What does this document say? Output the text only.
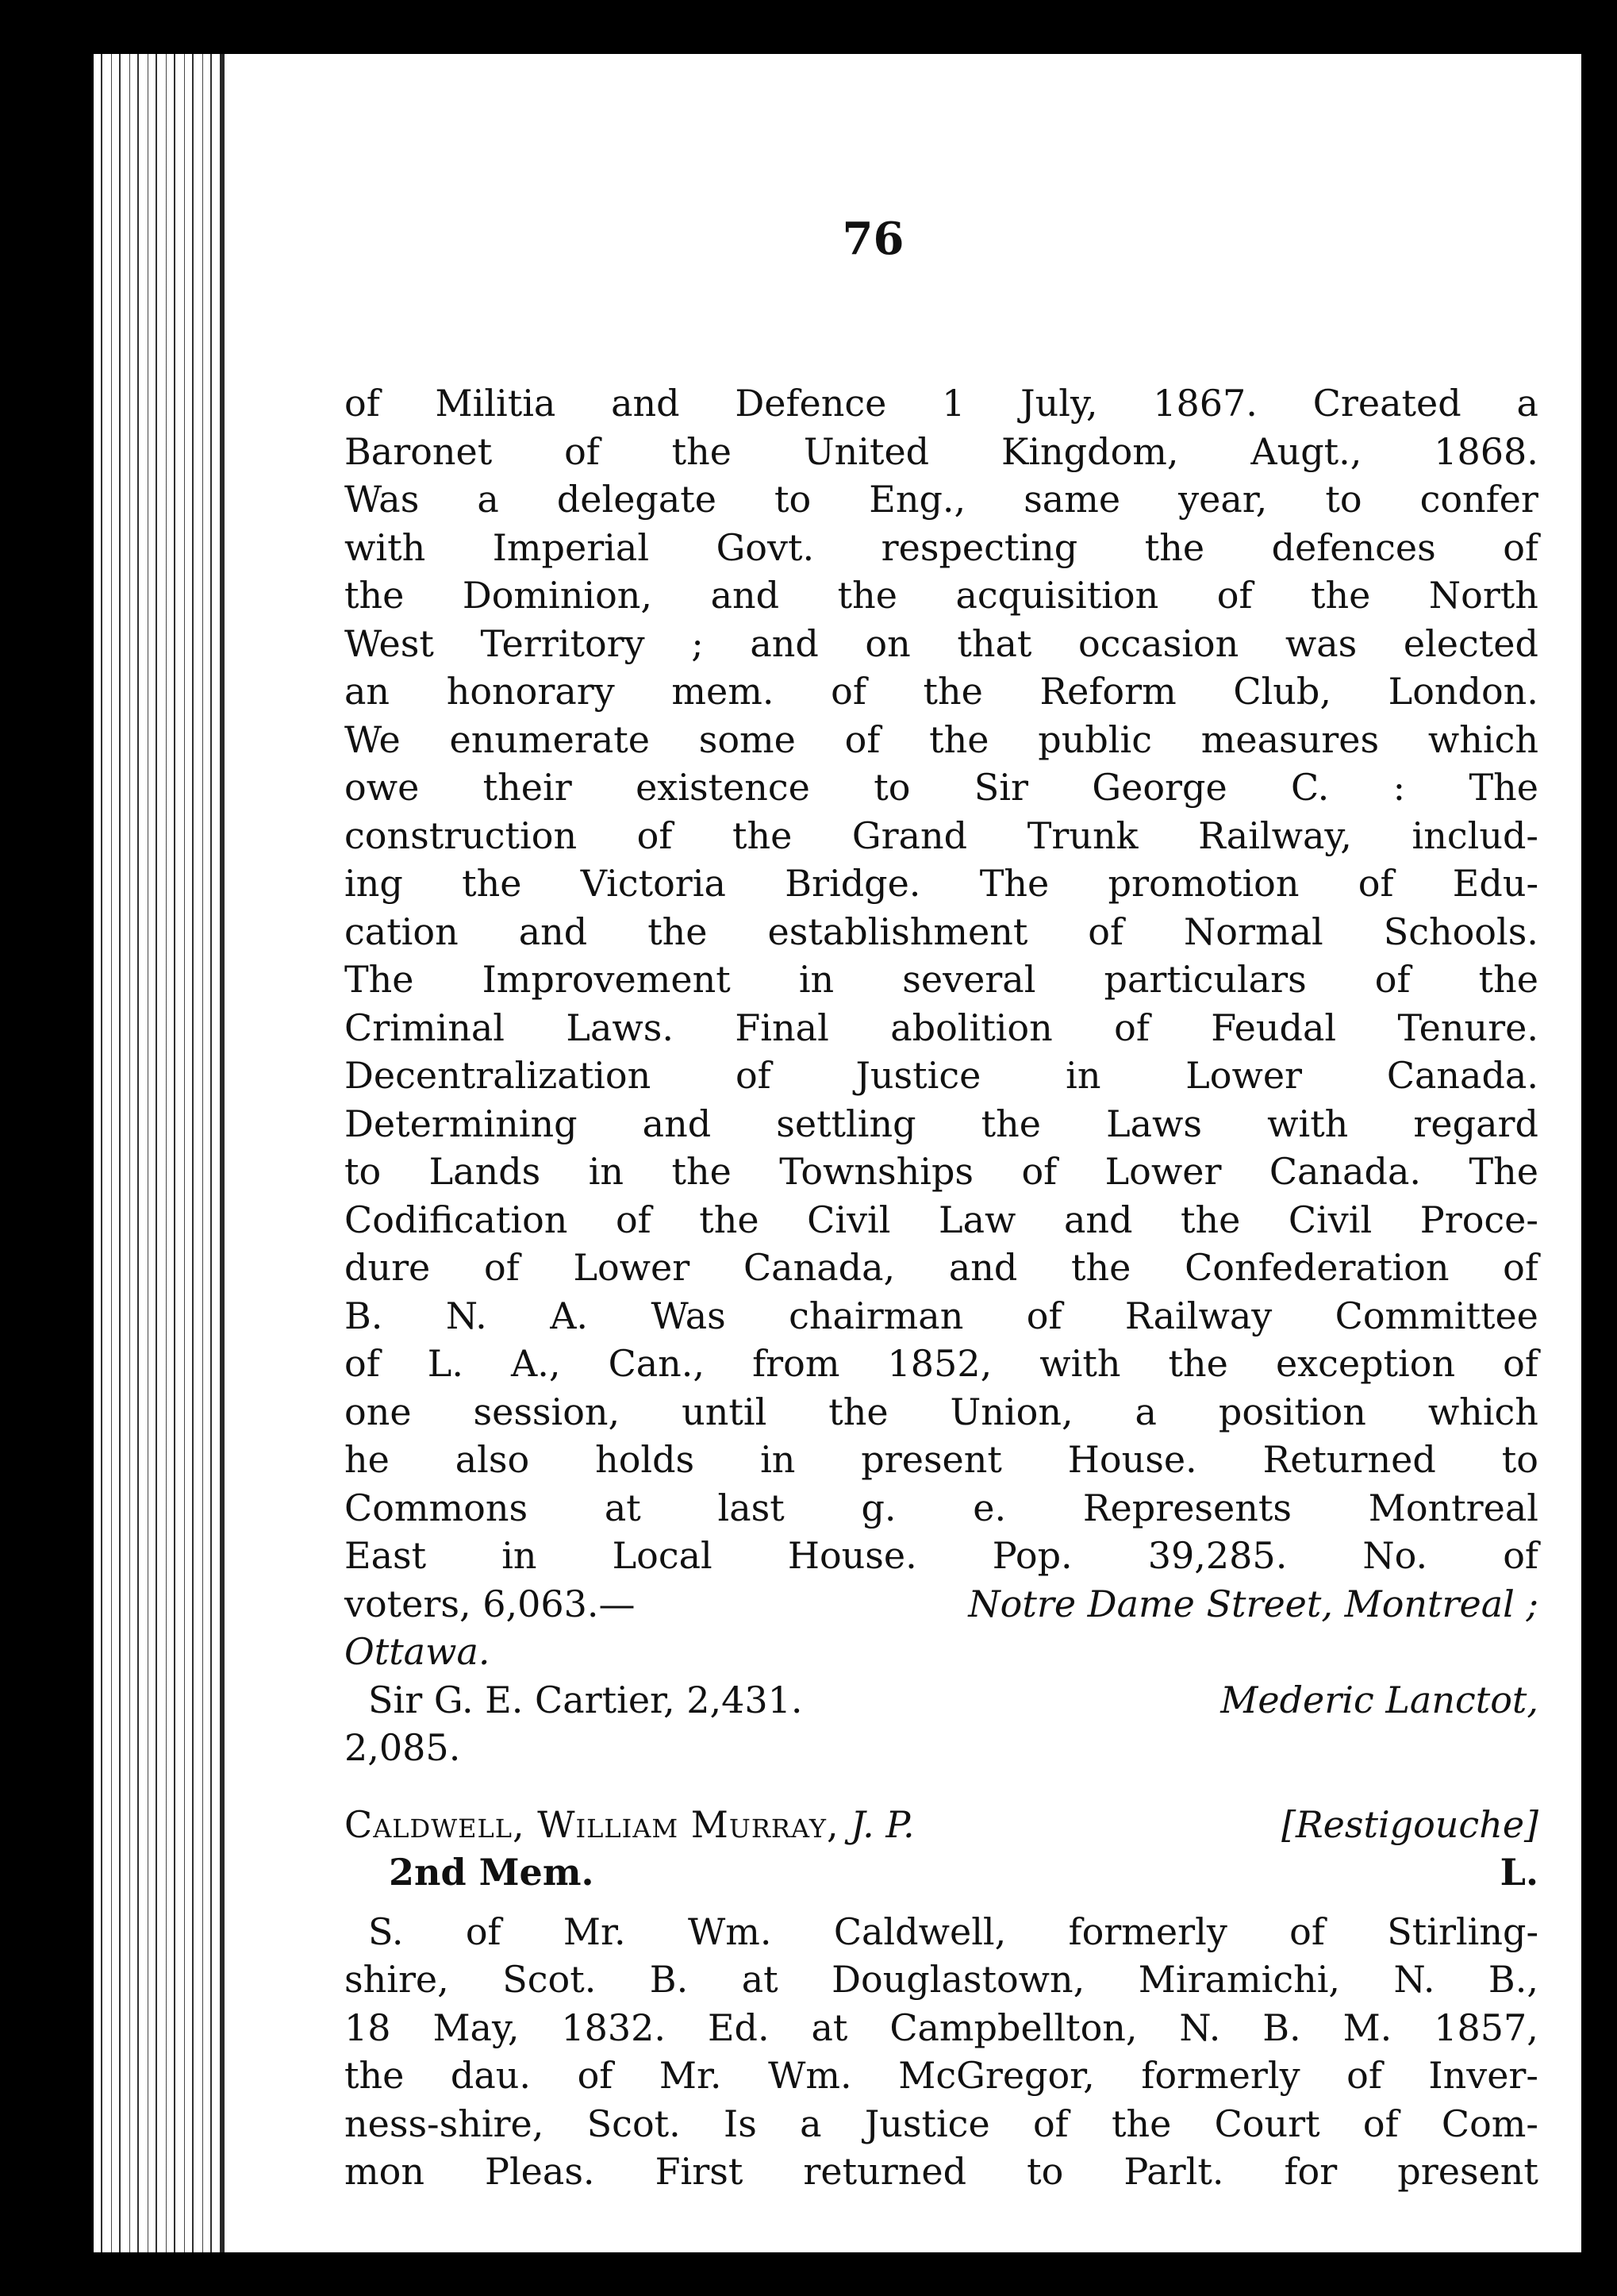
76
of Militia and Defence 1 July, 1867. Created a
Baronet of the United Kingdom, Augt., 1868.
Was a delegate to Eng., same year, to confer
with Imperial Govt. respecting the defences of
the Dominion, and the acquisition of the North
West Territory ; and on that occasion was elected
an honorary mem. of the Reform Club, London.
We enumerate some of the public measures which
owe their existence to Sir George C. : The
construction of the Grand Trunk Railway, includ-
ing the Victoria Bridge. The promotion of Edu-
cation and the establishment of Normal Schools.
The Improvement in several particulars of the
Criminal Laws. Final abolition of Feudal Tenure.
Decentralization of Justice in Lower Canada.
Determining and settling the Laws with regard
to Lands in the Townships of Lower Canada. The
Codification of the Civil Law and the Civil Proce-
dure of Lower Canada, and the Confederation of
B. N. A. Was chairman of Railway Committee
of L. A., Can., from 1852, with the exception of
one session, until the Union, a position which
he also holds in present House. Returned to
Commons at last g. e. Represents Montreal
East in Local House. Pop. 39,285. No. of
voters, 6,063.—	Notre Dame Street, Montreal ;
Ottawa.
Sir G. E. Cartier, 2,431.	Mederic Lanctot,
2,085.
Caldwell, William Murray, J. P.	[Restigouche]
2nd Mem.	L.
S. of Mr. Wm. Caldwell, formerly of Stirling-
shire, Scot. B. at Douglastown, Miramichi, N. B.,
18 May, 1832. Ed. at Campbellton, N. B. M. 1857,
the dau. of Mr. Wm. McGregor, formerly of Inver-
ness-shire, Scot. Is a Justice of the Court of Com-
mon Pleas. First returned to Parlt. for present
